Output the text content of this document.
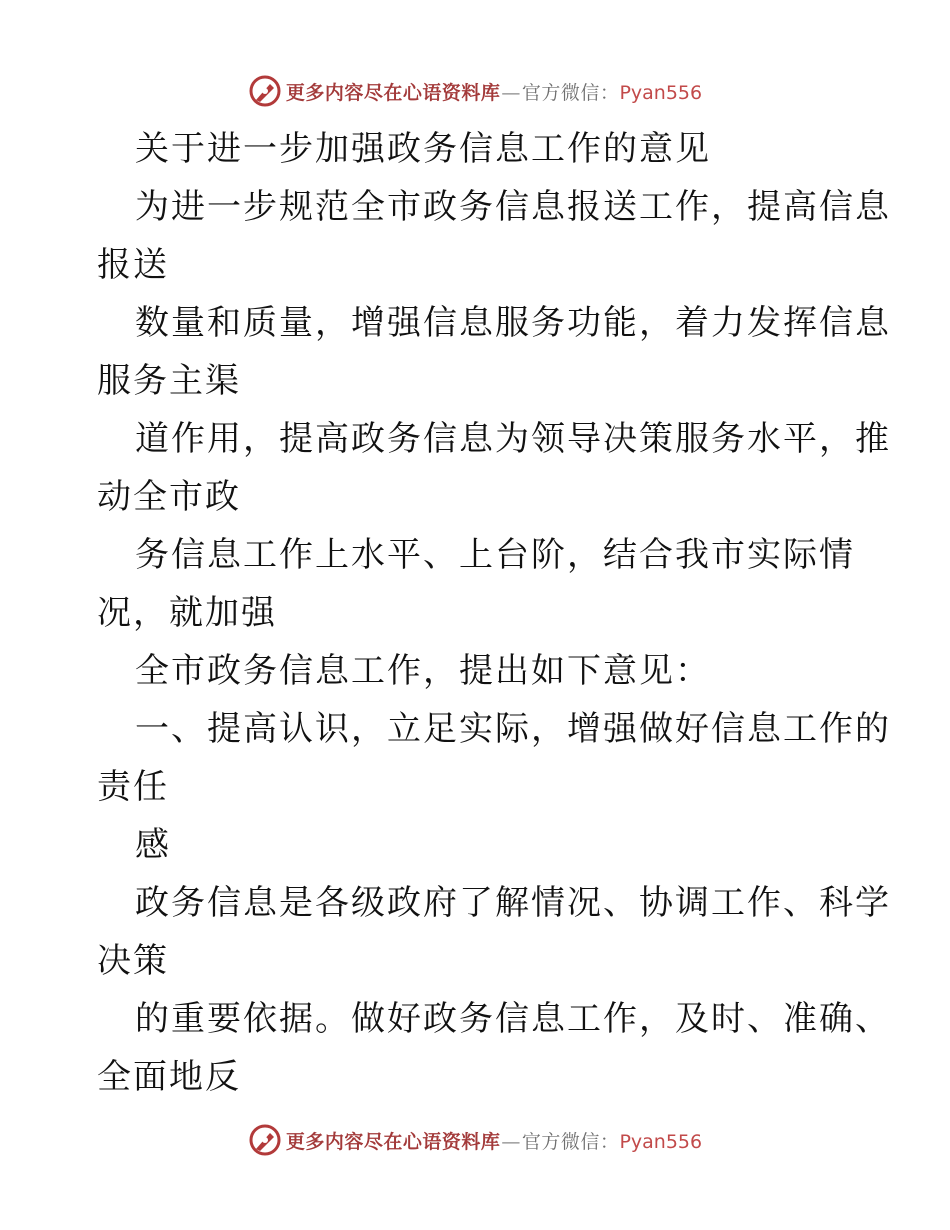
更多内容尽在心语资料库 — 官方微信： Pyan556
关于进一步加强政务信息工作的意见
为进一步规范全市政务信息报送工作，提高信息
报送
数量和质量，增强信息服务功能，着力发挥信息
服务主渠
道作用，提高政务信息为领导决策服务水平，推
动全市政
务信息工作上水平、上台阶，结合我市实际情
况，就加强
全市政务信息工作，提出如下意见：
一、提高认识，立足实际，增强做好信息工作的
责任
感
政务信息是各级政府了解情况、协调工作、科学
决策
的重要依据。做好政务信息工作，及时、准确、
全面地反
更多内容尽在心语资料库 — 官方微信： Pyan556
